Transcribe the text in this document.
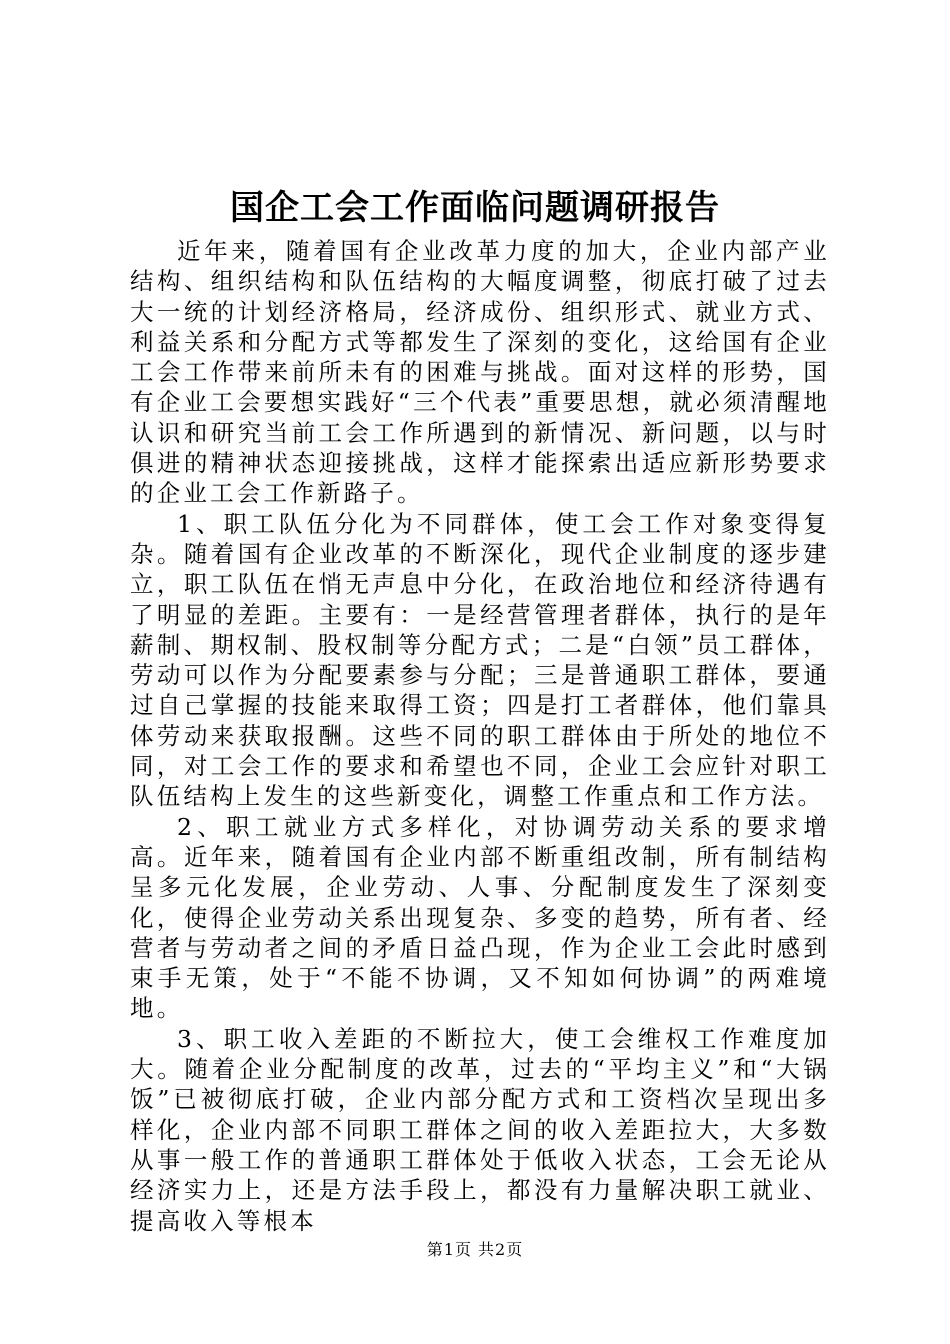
国企工会工作面临问题调研报告

近年来，随着国有企业改革力度的加大，企业内部产业结构、组织结构和队伍结构的大幅度调整，彻底打破了过去大一统的计划经济格局，经济成份、组织形式、就业方式、利益关系和分配方式等都发生了深刻的变化，这给国有企业工会工作带来前所未有的困难与挑战。面对这样的形势，国有企业工会要想实践好“三个代表”重要思想，就必须清醒地认识和研究当前工会工作所遇到的新情况、新问题，以与时俱进的精神状态迎接挑战，这样才能探索出适应新形势要求的企业工会工作新路子。

1、职工队伍分化为不同群体，使工会工作对象变得复杂。随着国有企业改革的不断深化，现代企业制度的逐步建立，职工队伍在悄无声息中分化，在政治地位和经济待遇有了明显的差距。主要有：一是经营管理者群体，执行的是年薪制、期权制、股权制等分配方式；二是“白领”员工群体，劳动可以作为分配要素参与分配；三是普通职工群体，要通过自己掌握的技能来取得工资；四是打工者群体，他们靠具体劳动来获取报酬。这些不同的职工群体由于所处的地位不同，对工会工作的要求和希望也不同，企业工会应针对职工队伍结构上发生的这些新变化，调整工作重点和工作方法。

2、职工就业方式多样化，对协调劳动关系的要求增高。近年来，随着国有企业内部不断重组改制，所有制结构呈多元化发展，企业劳动、人事、分配制度发生了深刻变化，使得企业劳动关系出现复杂、多变的趋势，所有者、经营者与劳动者之间的矛盾日益凸现，作为企业工会此时感到束手无策，处于“不能不协调，又不知如何协调”的两难境地。

3、职工收入差距的不断拉大，使工会维权工作难度加大。随着企业分配制度的改革，过去的“平均主义”和“大锅饭”已被彻底打破，企业内部分配方式和工资档次呈现出多样化，企业内部不同职工群体之间的收入差距拉大，大多数从事一般工作的普通职工群体处于低收入状态，工会无论从经济实力上，还是方法手段上，都没有力量解决职工就业、提高收入等根本

第1页 共2页
